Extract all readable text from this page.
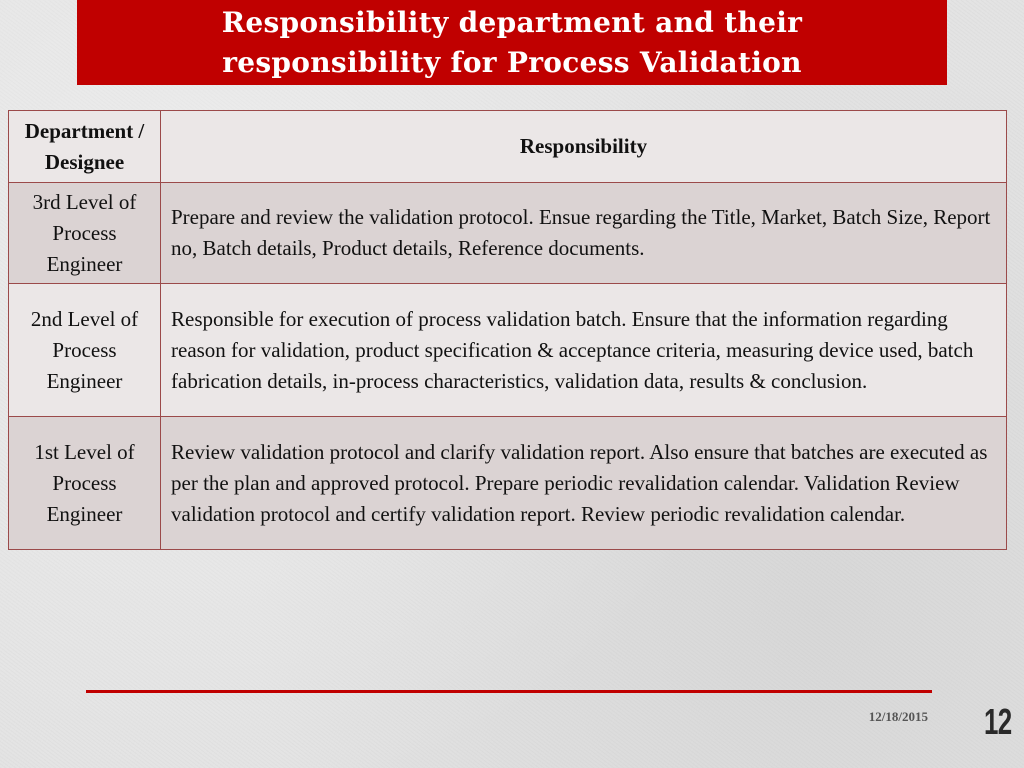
Responsibility department and their
responsibility for Process Validation
Department / Designee	Responsibility
3rd Level of Process Engineer	Prepare and review the validation protocol. Ensue regarding the Title, Market, Batch Size, Report no, Batch details, Product details, Reference documents.
2nd Level of Process Engineer	Responsible for execution of process validation batch. Ensure that the information regarding reason for validation, product specification & acceptance criteria, measuring device used, batch fabrication details, in-process characteristics, validation data, results & conclusion.
1st Level of Process Engineer	Review validation protocol and clarify validation report. Also ensure that batches are executed as per the plan and approved protocol. Prepare periodic revalidation calendar. Validation Review validation protocol and certify validation report. Review periodic revalidation calendar.
12/18/2015 12
